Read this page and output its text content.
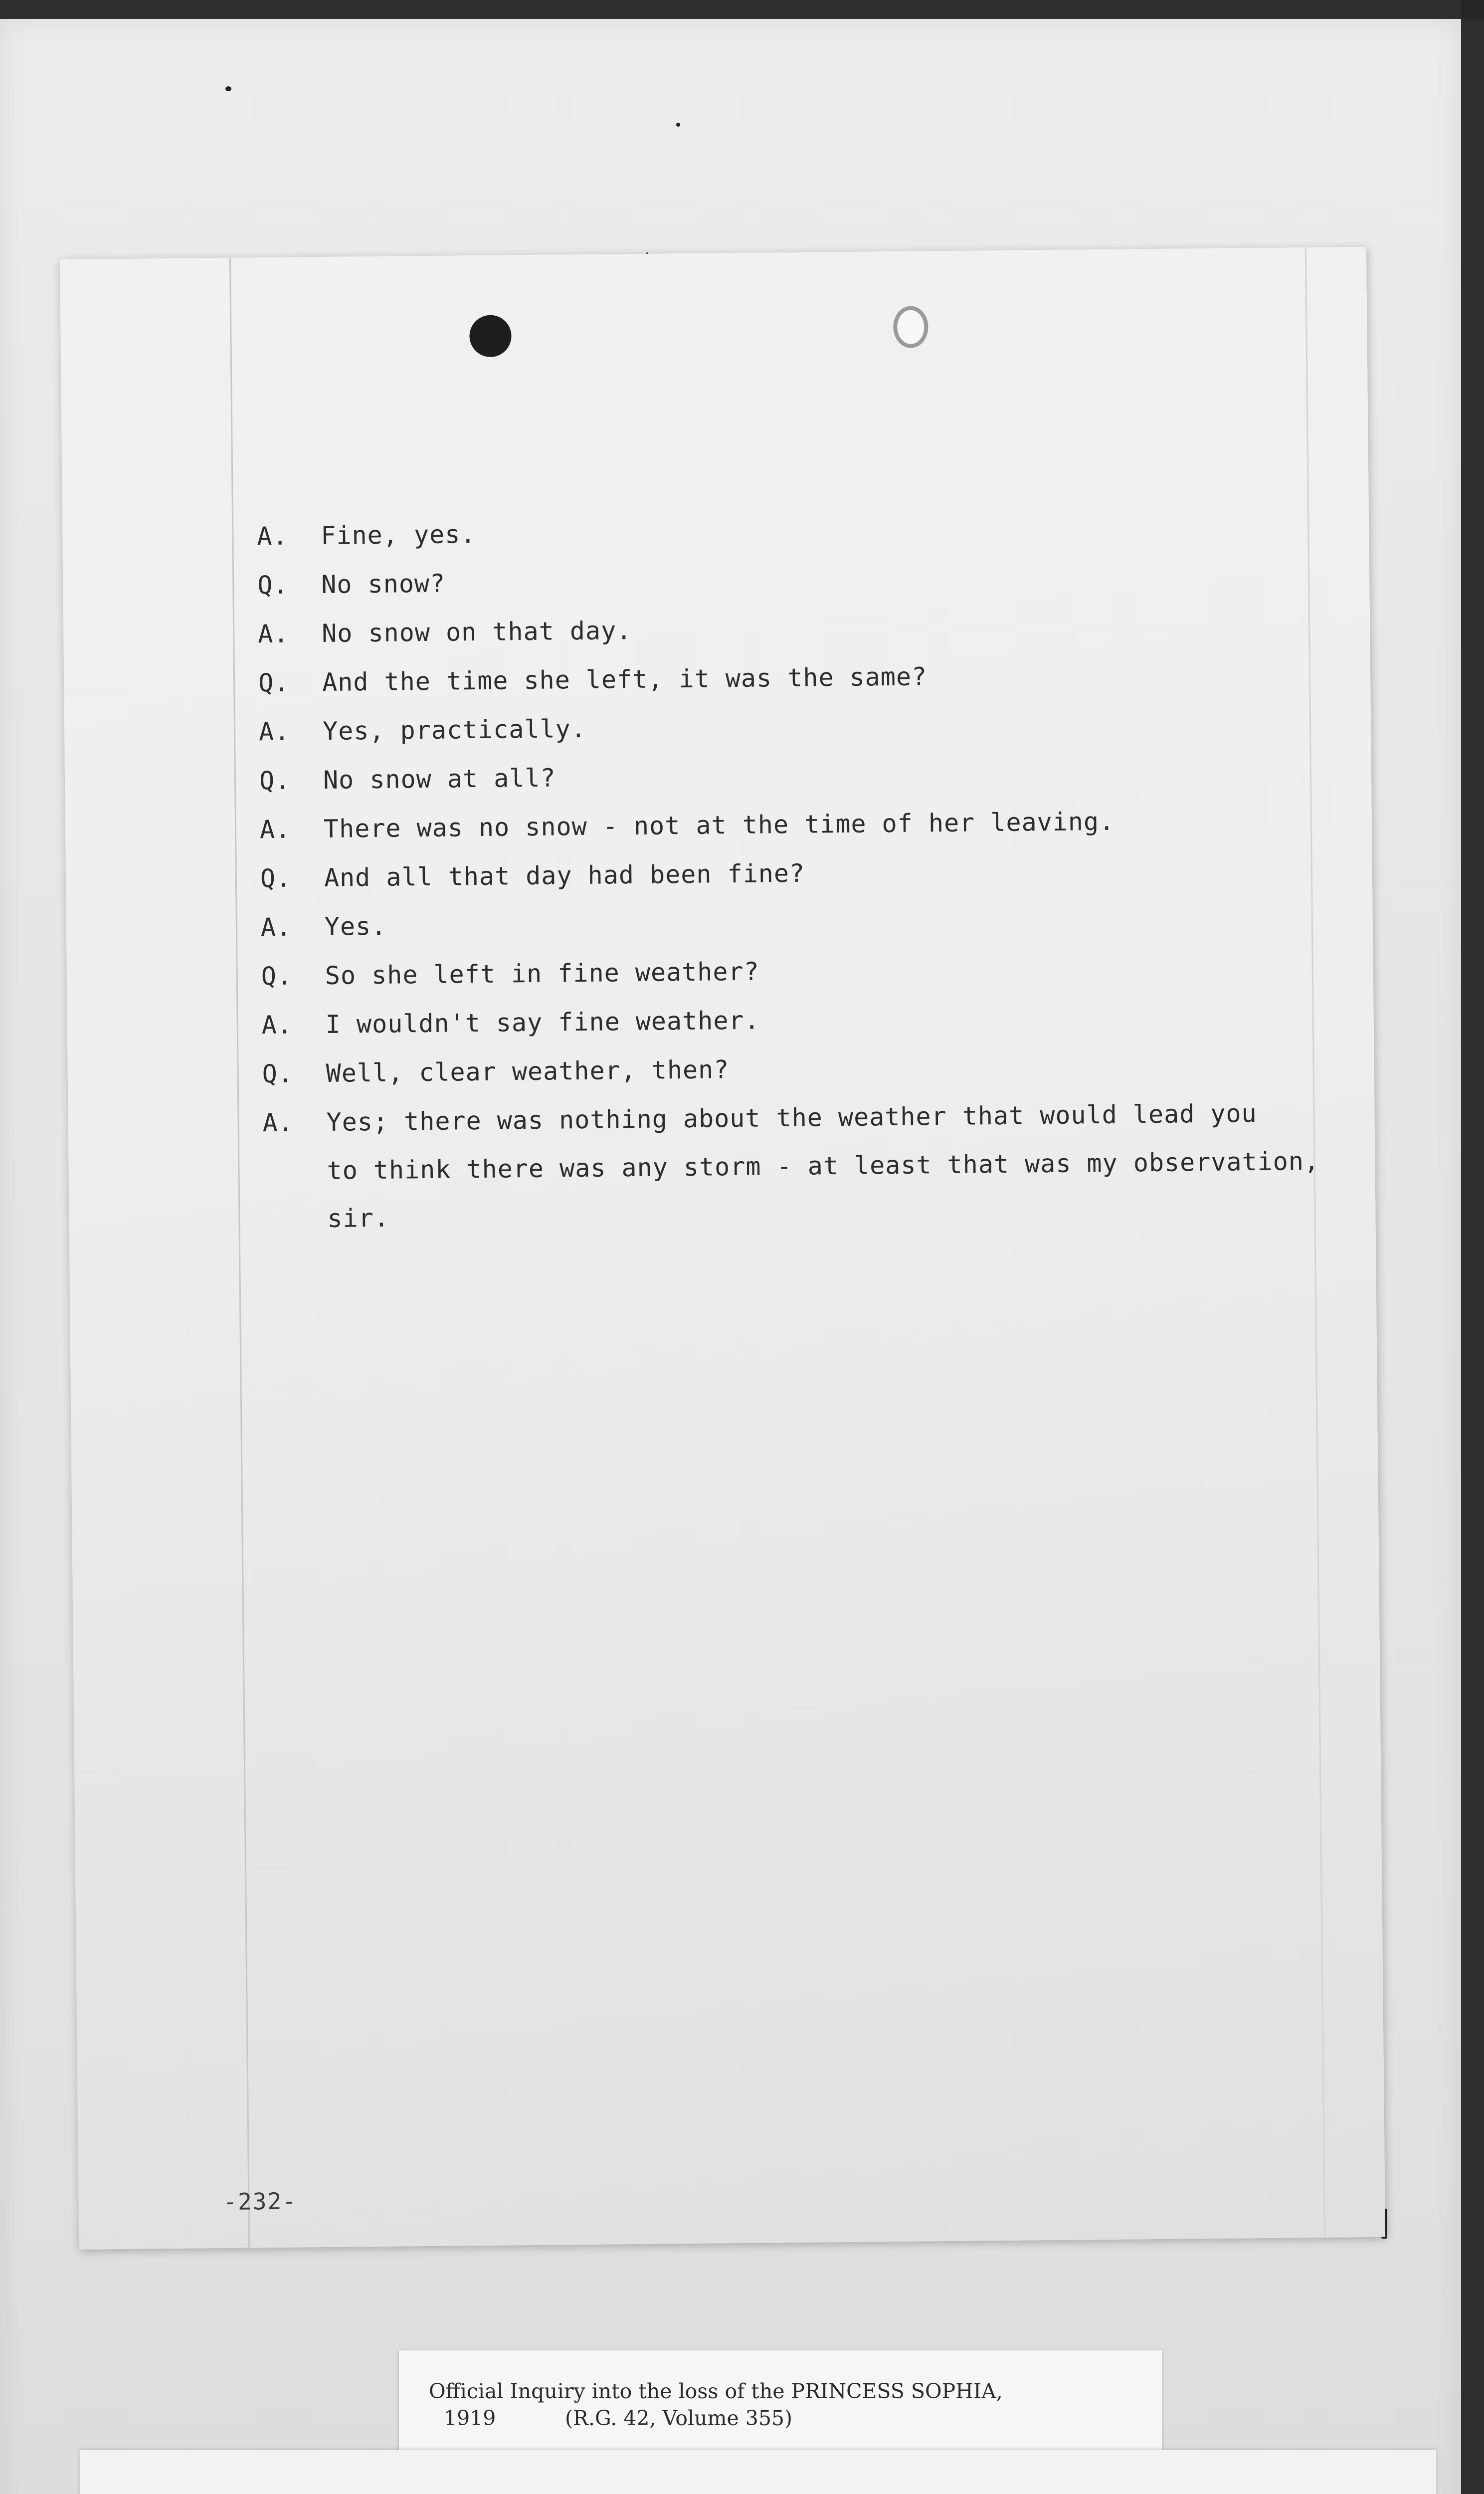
A.	Fine, yes.
Q.	No snow?
A.	No snow on that day.
Q.	And the time she left, it was the same?
A.	Yes, practically.
Q.	No snow at all?
A.	There was no snow - not at the time of her leaving.
Q.	And all that day had been fine?
A.	Yes.
Q.	So she left in fine weather?
A.	I wouldn't say fine weather.
Q.	Well, clear weather, then?
A.	Yes; there was nothing about the weather that would lead you
to think there was any storm - at least that was my observation,
sir.
-232-
Official Inquiry into the loss of the PRINCESS SOPHIA,
1919	(R.G. 42, Volume 355)
